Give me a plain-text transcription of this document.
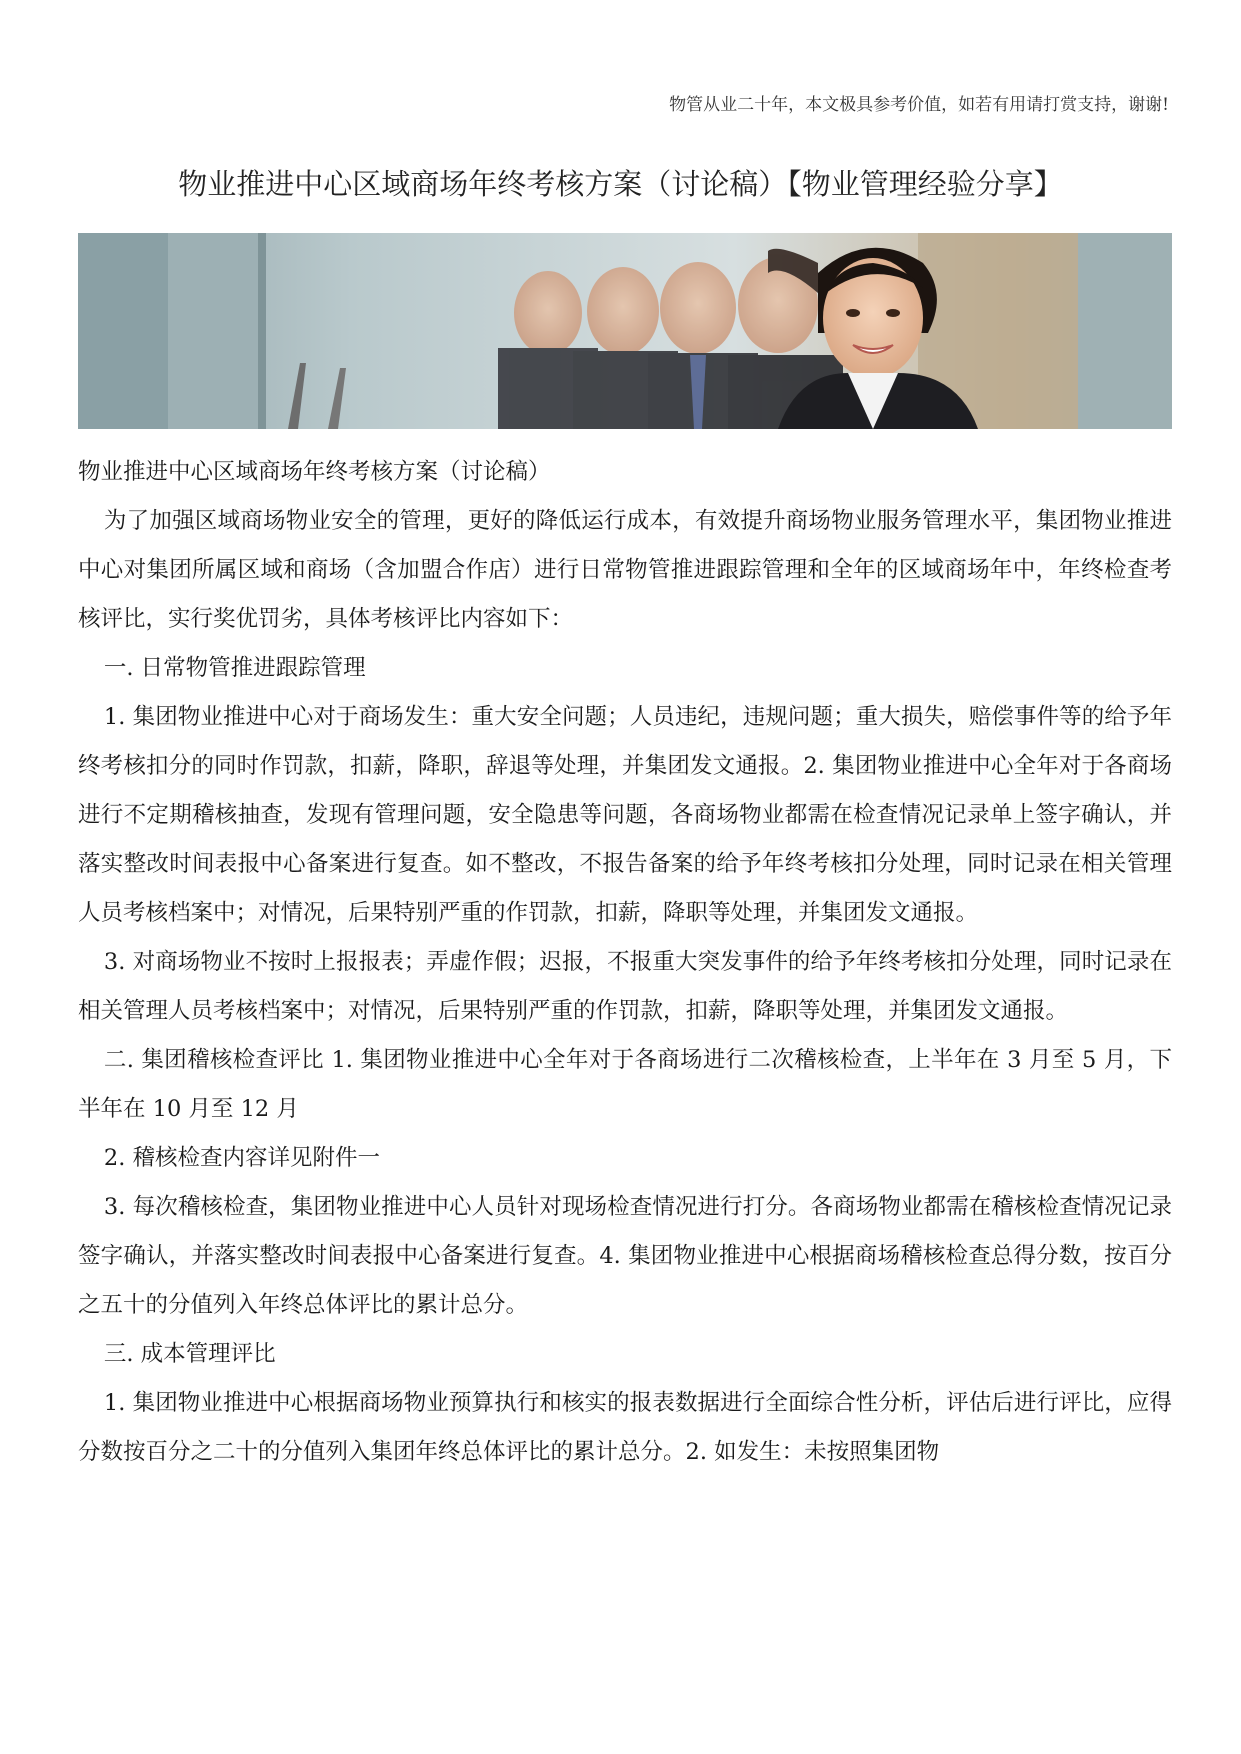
物管从业二十年，本文极具参考价值，如若有用请打赏支持，谢谢!
物业推进中心区域商场年终考核方案（讨论稿）【物业管理经验分享】

物业推进中心区域商场年终考核方案（讨论稿）

为了加强区域商场物业安全的管理，更好的降低运行成本，有效提升商场物业服务管理水平，集团物业推进中心对集团所属区域和商场（含加盟合作店）进行日常物管推进跟踪管理和全年的区域商场年中，年终检查考核评比，实行奖优罚劣，具体考核评比内容如下：

一. 日常物管推进跟踪管理

1. 集团物业推进中心对于商场发生：重大安全问题；人员违纪，违规问题；重大损失，赔偿事件等的给予年终考核扣分的同时作罚款，扣薪，降职，辞退等处理，并集团发文通报。2. 集团物业推进中心全年对于各商场进行不定期稽核抽查，发现有管理问题，安全隐患等问题，各商场物业都需在检查情况记录单上签字确认，并落实整改时间表报中心备案进行复查。如不整改，不报告备案的给予年终考核扣分处理，同时记录在相关管理人员考核档案中；对情况，后果特别严重的作罚款，扣薪，降职等处理，并集团发文通报。

3. 对商场物业不按时上报报表；弄虚作假；迟报，不报重大突发事件的给予年终考核扣分处理，同时记录在相关管理人员考核档案中；对情况，后果特别严重的作罚款，扣薪，降职等处理，并集团发文通报。

二. 集团稽核检查评比 1. 集团物业推进中心全年对于各商场进行二次稽核检查，上半年在 3 月至 5 月，下半年在 10 月至 12 月

2. 稽核检查内容详见附件一

3. 每次稽核检查，集团物业推进中心人员针对现场检查情况进行打分。各商场物业都需在稽核检查情况记录签字确认，并落实整改时间表报中心备案进行复查。4. 集团物业推进中心根据商场稽核检查总得分数，按百分之五十的分值列入年终总体评比的累计总分。

三. 成本管理评比

1. 集团物业推进中心根据商场物业预算执行和核实的报表数据进行全面综合性分析，评估后进行评比，应得分数按百分之二十的分值列入集团年终总体评比的累计总分。2. 如发生：未按照集团物
